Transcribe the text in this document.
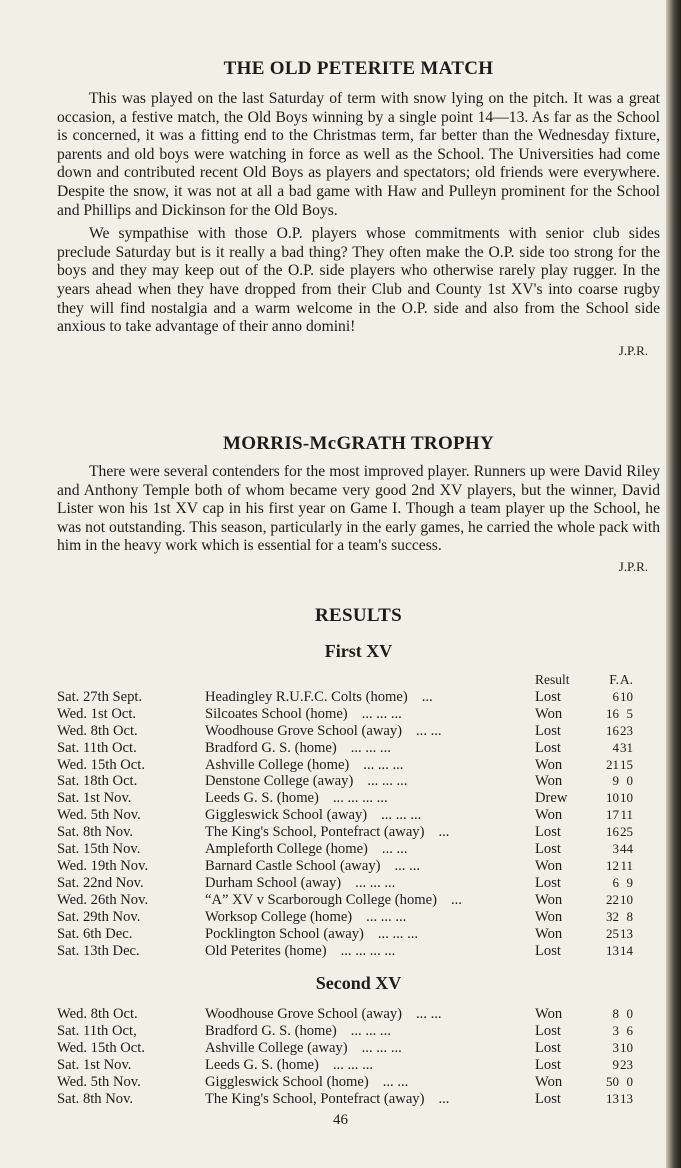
THE OLD PETERITE MATCH

This was played on the last Saturday of term with snow lying on the pitch. It was a great occasion, a festive match, the Old Boys winning by a single point 14—13. As far as the School is concerned, it was a fitting end to the Christmas term, far better than the Wednesday fixture, parents and old boys were watching in force as well as the School. The Universities had come down and contributed recent Old Boys as players and spectators; old friends were everywhere. Despite the snow, it was not at all a bad game with Haw and Pulleyn prominent for the School and Phillips and Dickinson for the Old Boys.

We sympathise with those O.P. players whose commitments with senior club sides preclude Saturday but is it really a bad thing? They often make the O.P. side too strong for the boys and they may keep out of the O.P. side players who otherwise rarely play rugger. In the years ahead when they have dropped from their Club and County 1st XV's into coarse rugby they will find nostalgia and a warm welcome in the O.P. side and also from the School side anxious to take advantage of their anno domini!

J.P.R.
MORRIS-McGRATH TROPHY

There were several contenders for the most improved player. Runners up were David Riley and Anthony Temple both of whom became very good 2nd XV players, but the winner, David Lister won his 1st XV cap in his first year on Game I. Though a team player up the School, he was not outstanding. This season, particularly in the early games, he carried the whole pack with him in the heavy work which is essential for a team's success.

J.P.R.
RESULTS
First XV
		Result	F.	A.
Sat. 27th Sept.	Headingley R.U.F.C. Colts (home) ...	Lost	6	10
Wed. 1st Oct.	Silcoates School (home) ... ... ...	Won	16	5
Wed. 8th Oct.	Woodhouse Grove School (away) ... ...	Lost	16	23
Sat. 11th Oct.	Bradford G. S. (home) ... ... ...	Lost	4	31
Wed. 15th Oct.	Ashville College (home) ... ... ...	Won	21	15
Sat. 18th Oct.	Denstone College (away) ... ... ...	Won	9	0
Sat. 1st Nov.	Leeds G. S. (home) ... ... ... ...	Drew	10	10
Wed. 5th Nov.	Giggleswick School (away) ... ... ...	Won	17	11
Sat. 8th Nov.	The King's School, Pontefract (away) ...	Lost	16	25
Sat. 15th Nov.	Ampleforth College (home) ... ...	Lost	3	44
Wed. 19th Nov.	Barnard Castle School (away) ... ...	Won	12	11
Sat. 22nd Nov.	Durham School (away) ... ... ...	Lost	6	9
Wed. 26th Nov.	“A” XV v Scarborough College (home) ...	Won	22	10
Sat. 29th Nov.	Worksop College (home) ... ... ...	Won	32	8
Sat. 6th Dec.	Pocklington School (away) ... ... ...	Won	25	13
Sat. 13th Dec.	Old Peterites (home) ... ... ... ...	Lost	13	14
Second XV
Wed. 8th Oct.	Woodhouse Grove School (away) ... ...	Won	8	0
Sat. 11th Oct,	Bradford G. S. (home) ... ... ...	Lost	3	6
Wed. 15th Oct.	Ashville College (away) ... ... ...	Lost	3	10
Sat. 1st Nov.	Leeds G. S. (home) ... ... ...	Lost	9	23
Wed. 5th Nov.	Giggleswick School (home) ... ...	Won	50	0
Sat. 8th Nov.	The King's School, Pontefract (away) ...	Lost	13	13
46
